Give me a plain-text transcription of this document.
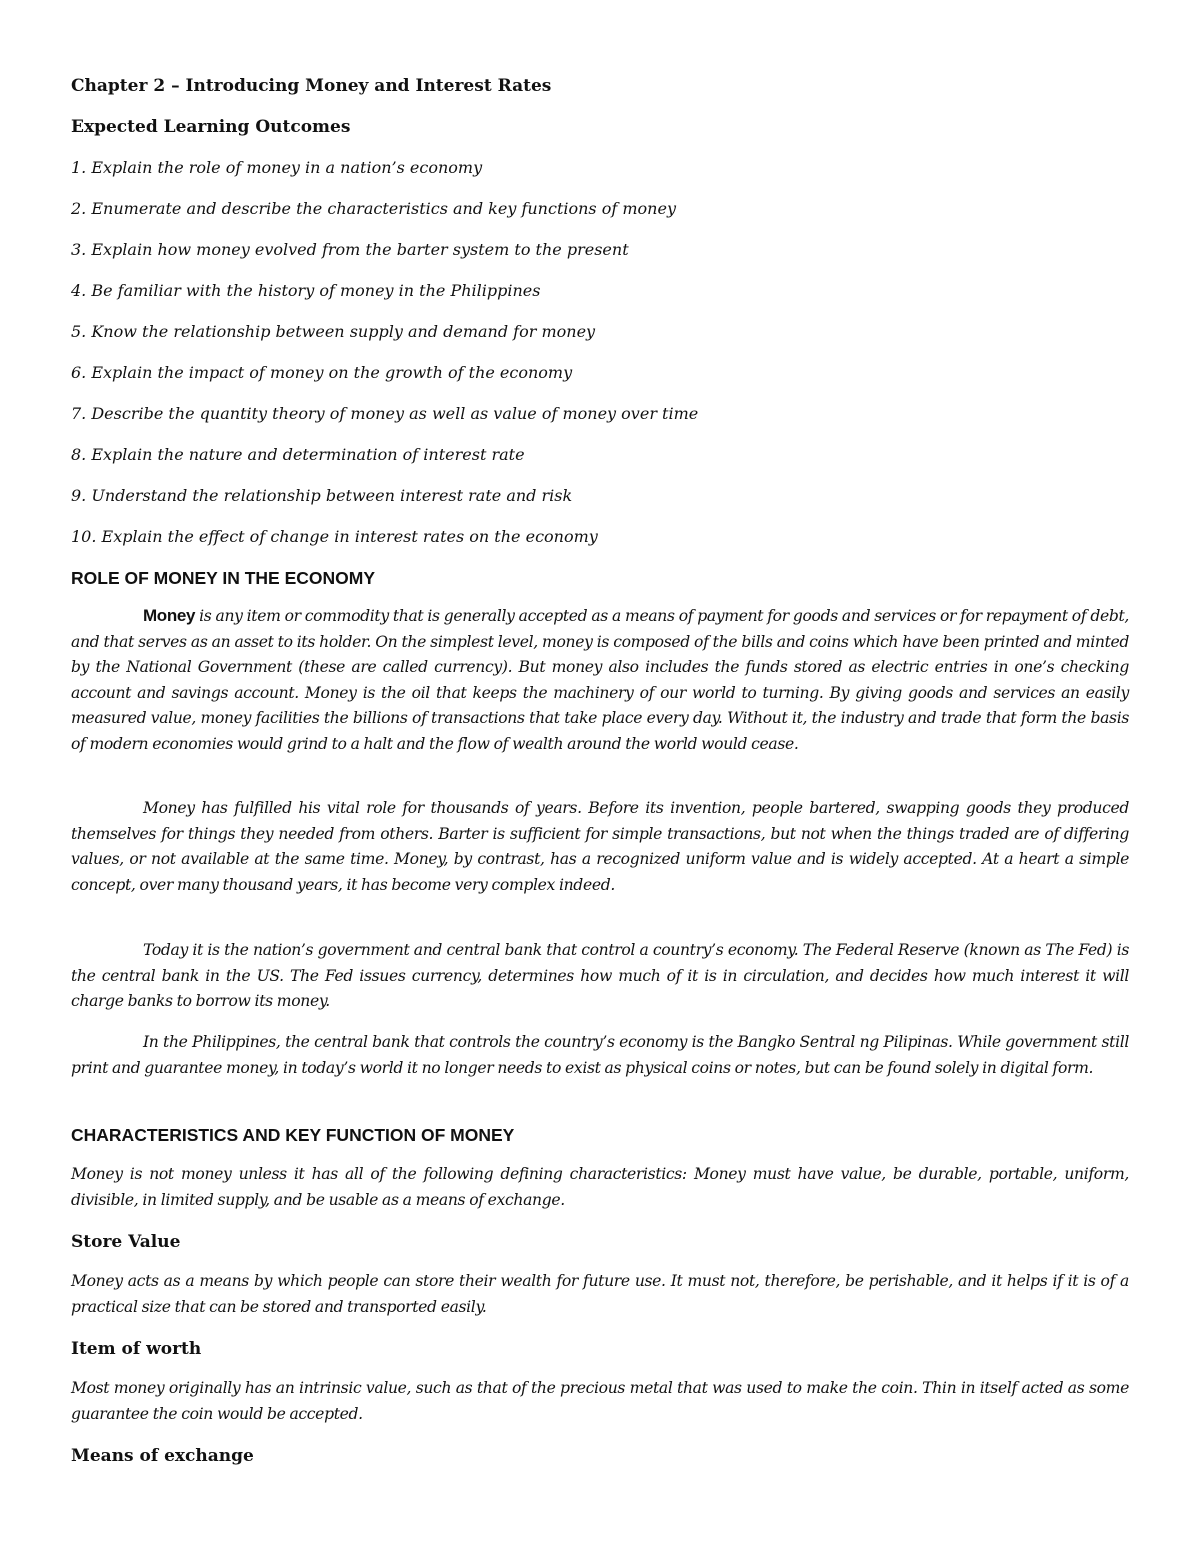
Chapter 2 – Introducing Money and Interest Rates

Expected Learning Outcomes

1. Explain the role of money in a nation’s economy

2. Enumerate and describe the characteristics and key functions of money

3. Explain how money evolved from the barter system to the present

4. Be familiar with the history of money in the Philippines

5. Know the relationship between supply and demand for money

6. Explain the impact of money on the growth of the economy

7. Describe the quantity theory of money as well as value of money over time

8. Explain the nature and determination of interest rate

9. Understand the relationship between interest rate and risk

10. Explain the effect of change in interest rates on the economy

ROLE OF MONEY IN THE ECONOMY

Money is any item or commodity that is generally accepted as a means of payment for goods and services or for repayment of debt, and that serves as an asset to its holder. On the simplest level, money is composed of the bills and coins which have been printed and minted by the National Government (these are called currency). But money also includes the funds stored as electric entries in one’s checking account and savings account. Money is the oil that keeps the machinery of our world to turning. By giving goods and services an easily measured value, money facilities the billions of transactions that take place every day. Without it, the industry and trade that form the basis of modern economies would grind to a halt and the flow of wealth around the world would cease.

Money has fulfilled his vital role for thousands of years. Before its invention, people bartered, swapping goods they produced themselves for things they needed from others. Barter is sufficient for simple transactions, but not when the things traded are of differing values, or not available at the same time. Money, by contrast, has a recognized uniform value and is widely accepted. At a heart a simple concept, over many thousand years, it has become very complex indeed.

Today it is the nation’s government and central bank that control a country’s economy. The Federal Reserve (known as The Fed) is the central bank in the US. The Fed issues currency, determines how much of it is in circulation, and decides how much interest it will charge banks to borrow its money.

In the Philippines, the central bank that controls the country’s economy is the Bangko Sentral ng Pilipinas. While government still print and guarantee money, in today’s world it no longer needs to exist as physical coins or notes, but can be found solely in digital form.

CHARACTERISTICS AND KEY FUNCTION OF MONEY

Money is not money unless it has all of the following defining characteristics: Money must have value, be durable, portable, uniform, divisible, in limited supply, and be usable as a means of exchange.

Store Value

Money acts as a means by which people can store their wealth for future use. It must not, therefore, be perishable, and it helps if it is of a practical size that can be stored and transported easily.

Item of worth

Most money originally has an intrinsic value, such as that of the precious metal that was used to make the coin. Thin in itself acted as some guarantee the coin would be accepted.

Means of exchange
